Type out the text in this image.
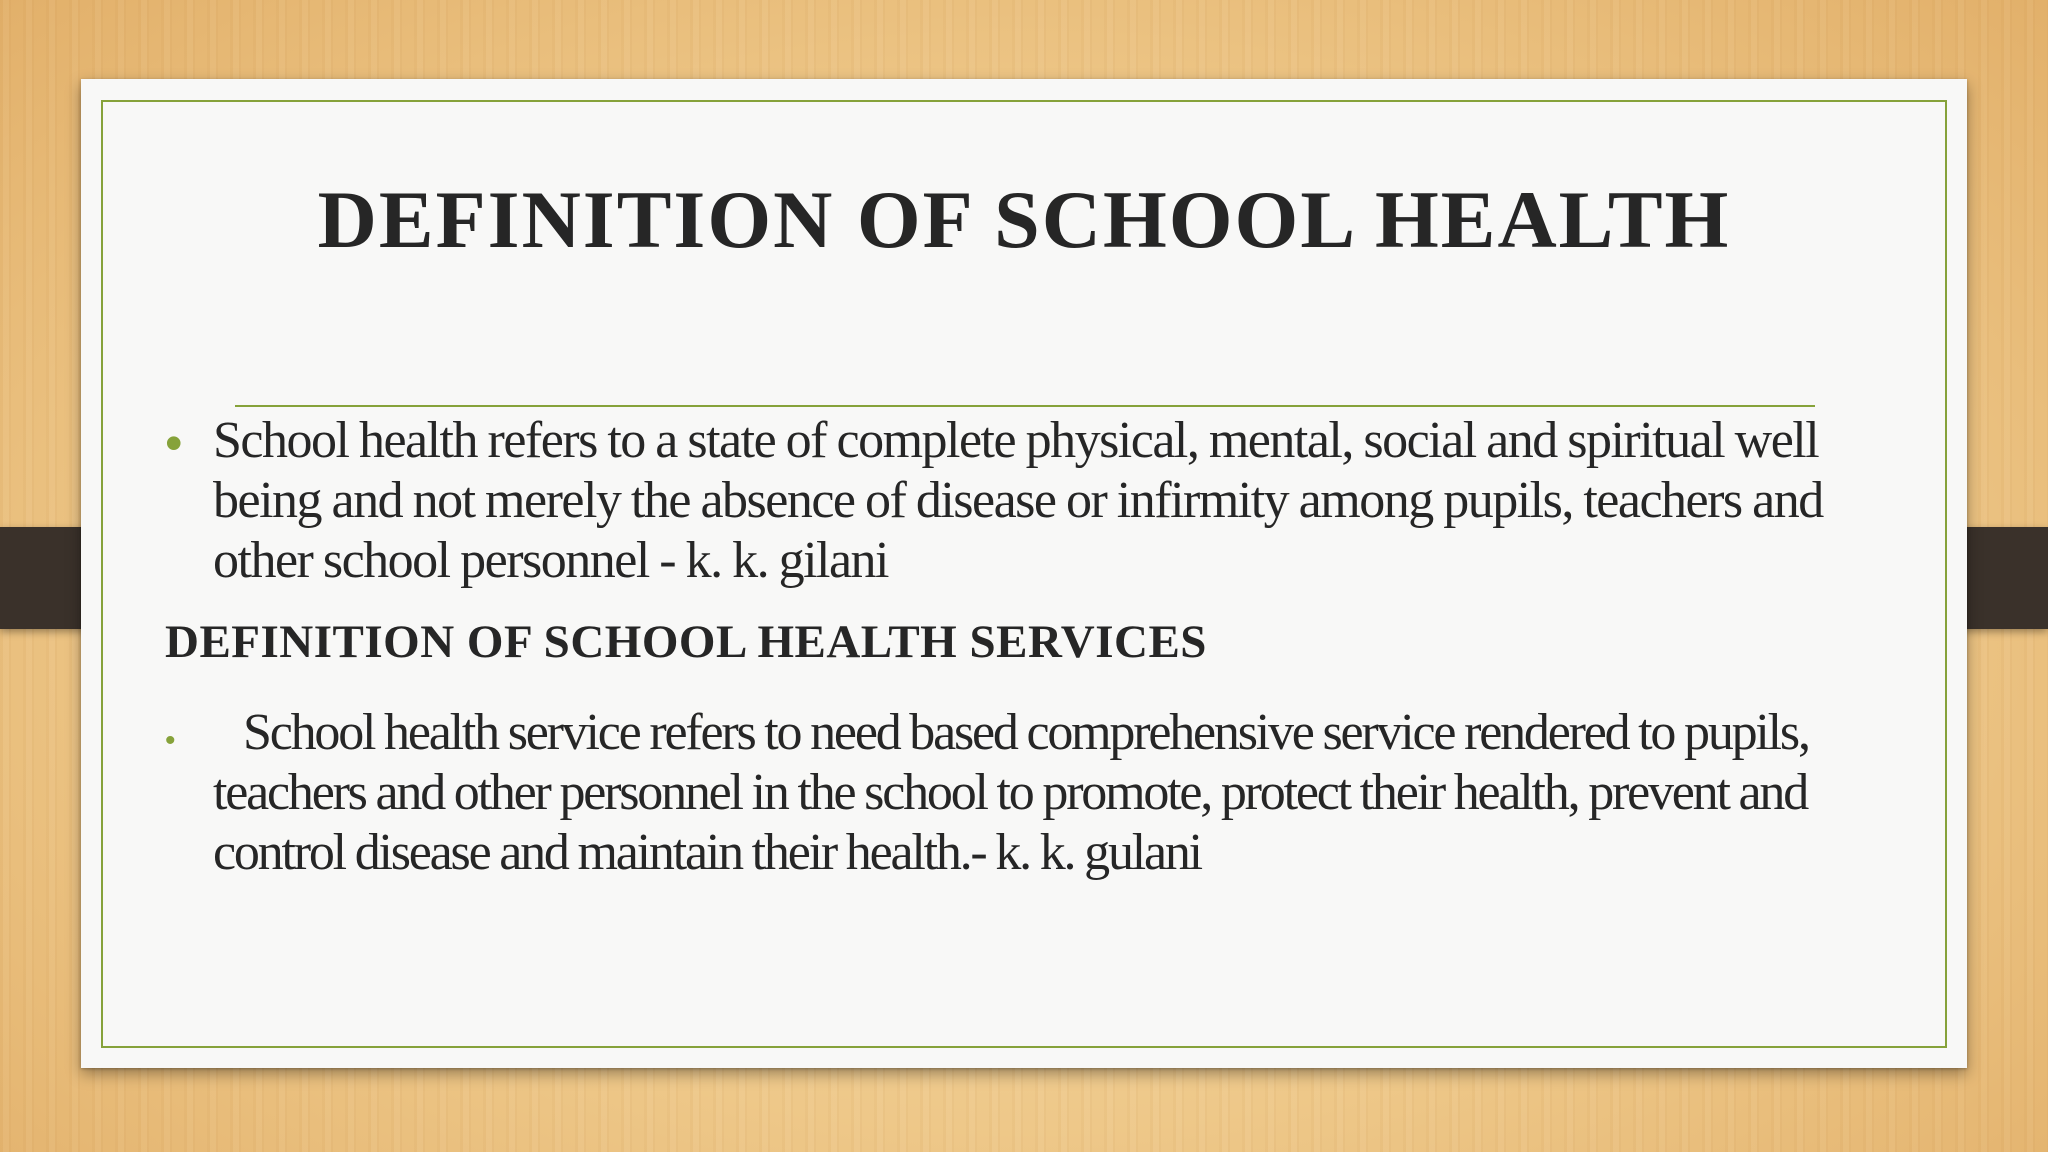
DEFINITION OF SCHOOL HEALTH
• School health refers to a state of complete physical, mental, social and spiritual well being and not merely the absence of disease or infirmity among pupils, teachers and other school personnel - k. k. gilani

DEFINITION OF SCHOOL HEALTH SERVICES
•	School health service refers to need based comprehensive service rendered to pupils, teachers and other personnel in the school to promote, protect their health, prevent and control disease and maintain their health.- k. k. gulani
